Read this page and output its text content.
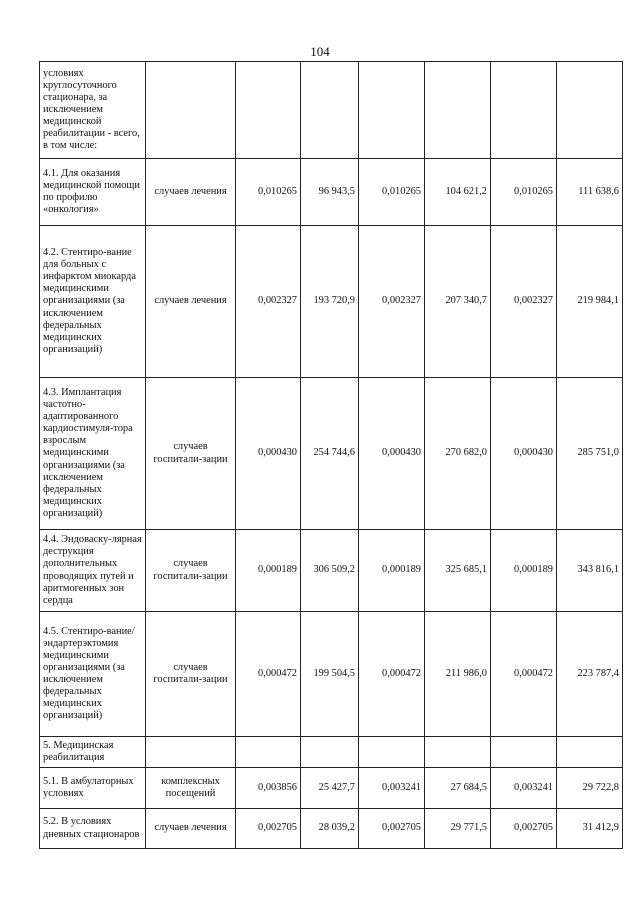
104
условиях круглосуточного стационара, за исключением медицинской реабилитации - всего, в том числе:							
4.1. Для оказания медицинской помощи по профилю «онкология»	случаев лечения	0,010265	96 943,5	0,010265	104 621,2	0,010265	111 638,6
4.2. Стентиро-вание для больных с инфарктом миокарда медицинскими организациями (за исключением федеральных медицинских организаций)	случаев лечения	0,002327	193 720,9	0,002327	207 340,7	0,002327	219 984,1
4.3. Имплантация частотно-адаптированного кардиостимуля-тора взрослым медицинскими организациями (за исключением федеральных медицинских организаций)	случаев госпитали-зации	0,000430	254 744,6	0,000430	270 682,0	0,000430	285 751,0
4.4. Эндоваску-лярная деструкция дополнительных проводящих путей и аритмогенных зон сердца	случаев госпитали-зации	0,000189	306 509,2	0,000189	325 685,1	0,000189	343 816,1
4.5. Стентиро-вание/ эндартерэктомия медицинскими организациями (за исключением федеральных медицинских организаций)	случаев госпитали-зации	0,000472	199 504,5	0,000472	211 986,0	0,000472	223 787,4
5. Медицинская реабилитация							
5.1. В амбулаторных условиях	комплексных посещений	0,003856	25 427,7	0,003241	27 684,5	0,003241	29 722,8
5.2. В условиях дневных стационаров	случаев лечения	0,002705	28 039,2	0,002705	29 771,5	0,002705	31 412,9
